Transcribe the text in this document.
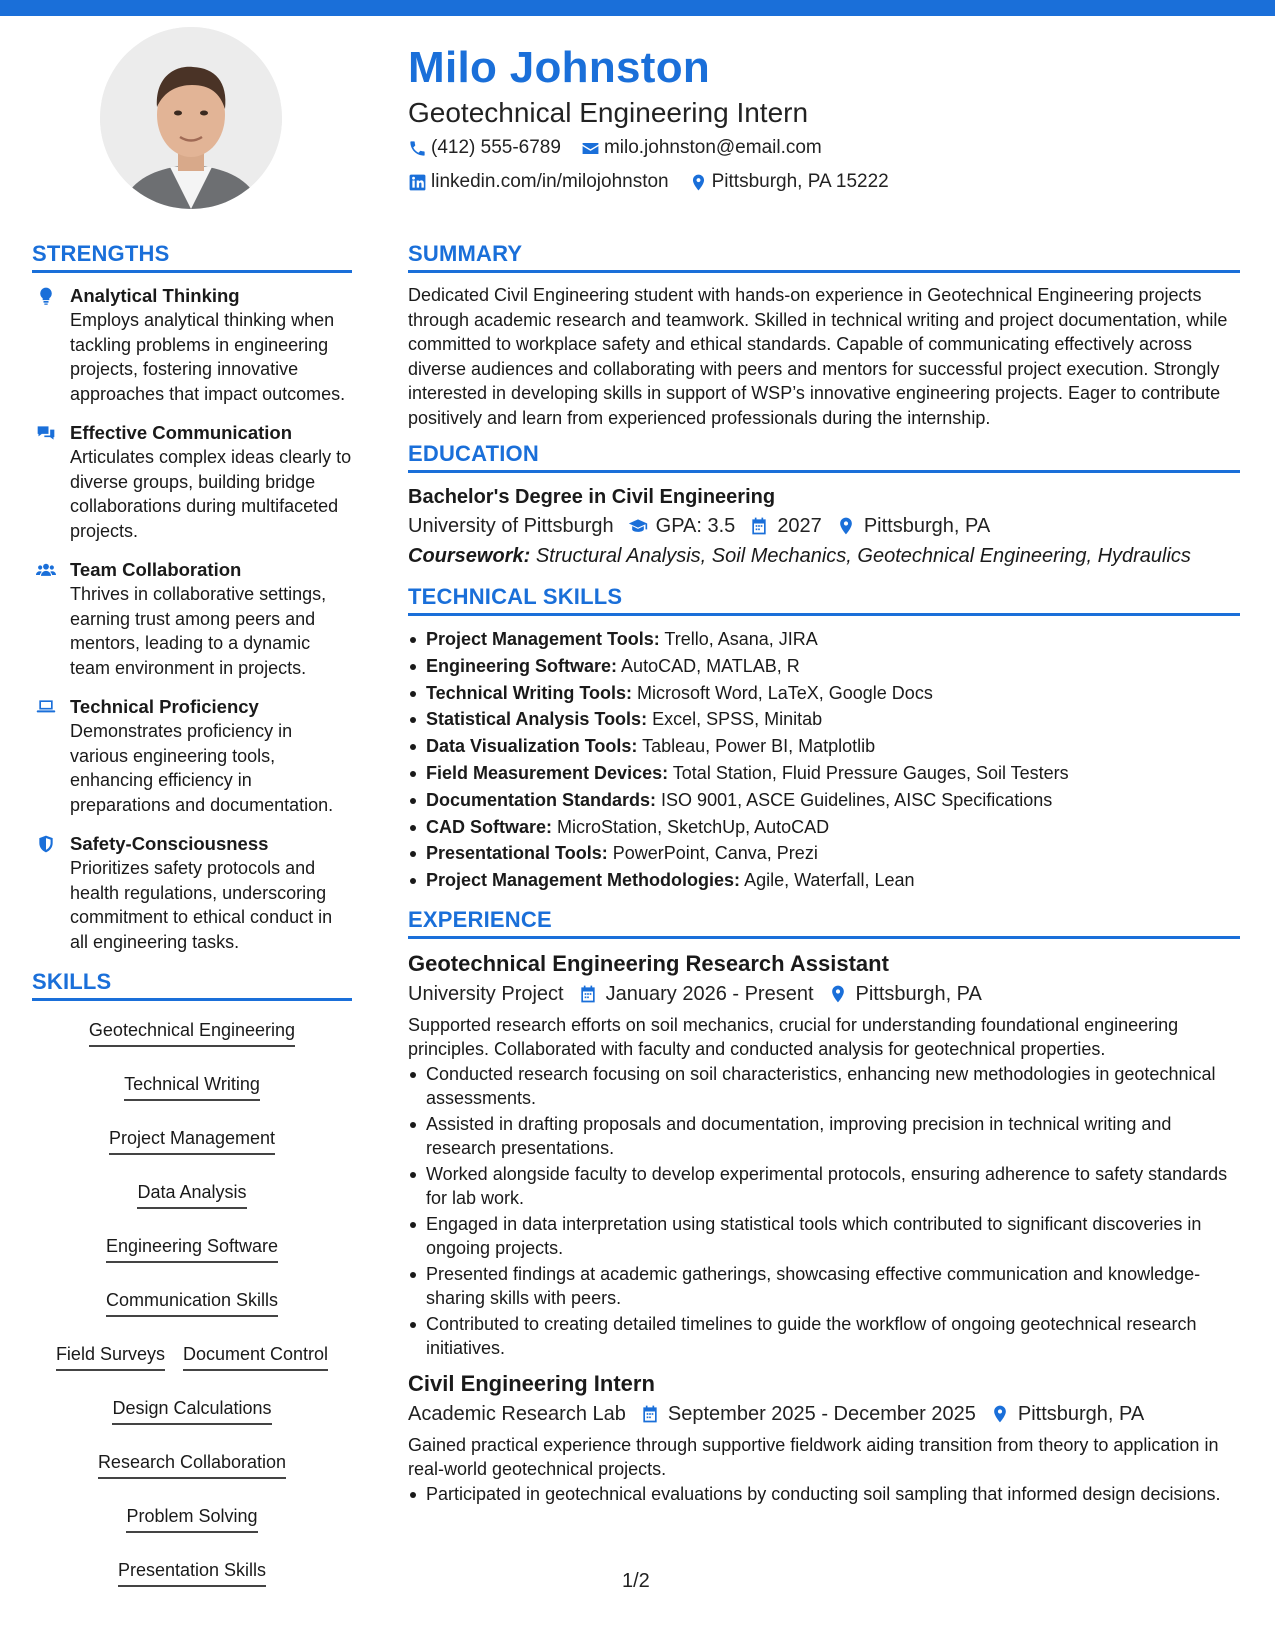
Milo Johnston
Geotechnical Engineering Intern
(412) 555-6789 milo.johnston@email.com
linkedin.com/in/milojohnston Pittsburgh, PA 15222
STRENGTHS
Analytical Thinking
Employs analytical thinking when tackling problems in engineering projects, fostering innovative approaches that impact outcomes.
Effective Communication
Articulates complex ideas clearly to diverse groups, building bridge collaborations during multifaceted projects.
Team Collaboration
Thrives in collaborative settings, earning trust among peers and mentors, leading to a dynamic team environment in projects.
Technical Proficiency
Demonstrates proficiency in various engineering tools, enhancing efficiency in preparations and documentation.
Safety-Consciousness
Prioritizes safety protocols and health regulations, underscoring commitment to ethical conduct in all engineering tasks.
SKILLS
Geotechnical Engineering
Technical Writing
Project Management
Data Analysis
Engineering Software
Communication Skills
Field Surveys Document Control
Design Calculations
Research Collaboration
Problem Solving
Presentation Skills
SUMMARY
Dedicated Civil Engineering student with hands-on experience in Geotechnical Engineering projects through academic research and teamwork. Skilled in technical writing and project documentation, while committed to workplace safety and ethical standards. Capable of communicating effectively across diverse audiences and collaborating with peers and mentors for successful project execution. Strongly interested in developing skills in support of WSP’s innovative engineering projects. Eager to contribute positively and learn from experienced professionals during the internship.
EDUCATION
Bachelor's Degree in Civil Engineering
University of Pittsburgh GPA: 3.5 2027 Pittsburgh, PA
Coursework: Structural Analysis, Soil Mechanics, Geotechnical Engineering, Hydraulics
TECHNICAL SKILLS
Project Management Tools: Trello, Asana, JIRA
Engineering Software: AutoCAD, MATLAB, R
Technical Writing Tools: Microsoft Word, LaTeX, Google Docs
Statistical Analysis Tools: Excel, SPSS, Minitab
Data Visualization Tools: Tableau, Power BI, Matplotlib
Field Measurement Devices: Total Station, Fluid Pressure Gauges, Soil Testers
Documentation Standards: ISO 9001, ASCE Guidelines, AISC Specifications
CAD Software: MicroStation, SketchUp, AutoCAD
Presentational Tools: PowerPoint, Canva, Prezi
Project Management Methodologies: Agile, Waterfall, Lean
EXPERIENCE
Geotechnical Engineering Research Assistant
University Project January 2026 - Present Pittsburgh, PA
Supported research efforts on soil mechanics, crucial for understanding foundational engineering principles. Collaborated with faculty and conducted analysis for geotechnical properties.
Conducted research focusing on soil characteristics, enhancing new methodologies in geotechnical assessments.
Assisted in drafting proposals and documentation, improving precision in technical writing and research presentations.
Worked alongside faculty to develop experimental protocols, ensuring adherence to safety standards for lab work.
Engaged in data interpretation using statistical tools which contributed to significant discoveries in ongoing projects.
Presented findings at academic gatherings, showcasing effective communication and knowledge-sharing skills with peers.
Contributed to creating detailed timelines to guide the workflow of ongoing geotechnical research initiatives.
Civil Engineering Intern
Academic Research Lab September 2025 - December 2025 Pittsburgh, PA
Gained practical experience through supportive fieldwork aiding transition from theory to application in real-world geotechnical projects.
Participated in geotechnical evaluations by conducting soil sampling that informed design decisions.
1/2
